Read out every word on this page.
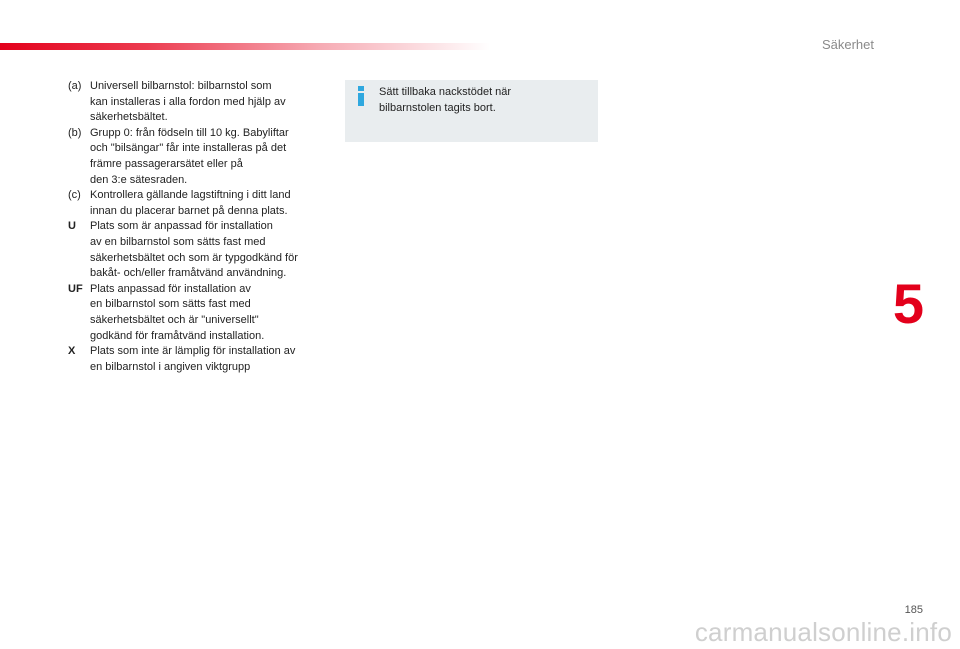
Säkerhet
(a) Universell bilbarnstol: bilbarnstol som
kan installeras i alla fordon med hjälp av
säkerhetsbältet.
(b) Grupp 0: från födseln till 10 kg. Babyliftar
och "bilsängar" får inte installeras på det
främre passagerarsätet eller på
den 3:e sätesraden.
(c) Kontrollera gällande lagstiftning i ditt land
innan du placerar barnet på denna plats.
U	Plats som är anpassad för installation
av en bilbarnstol som sätts fast med
säkerhetsbältet och som är typgodkänd för
bakåt- och/eller framåtvänd användning.
UF Plats anpassad för installation av
en bilbarnstol som sätts fast med
säkerhetsbältet och är "universellt"
godkänd för framåtvänd installation.
X	Plats som inte är lämplig för installation av
en bilbarnstol i angiven viktgrupp
Sätt tillbaka nackstödet när
bilbarnstolen tagits bort.
5
185
carmanualsonline.info
